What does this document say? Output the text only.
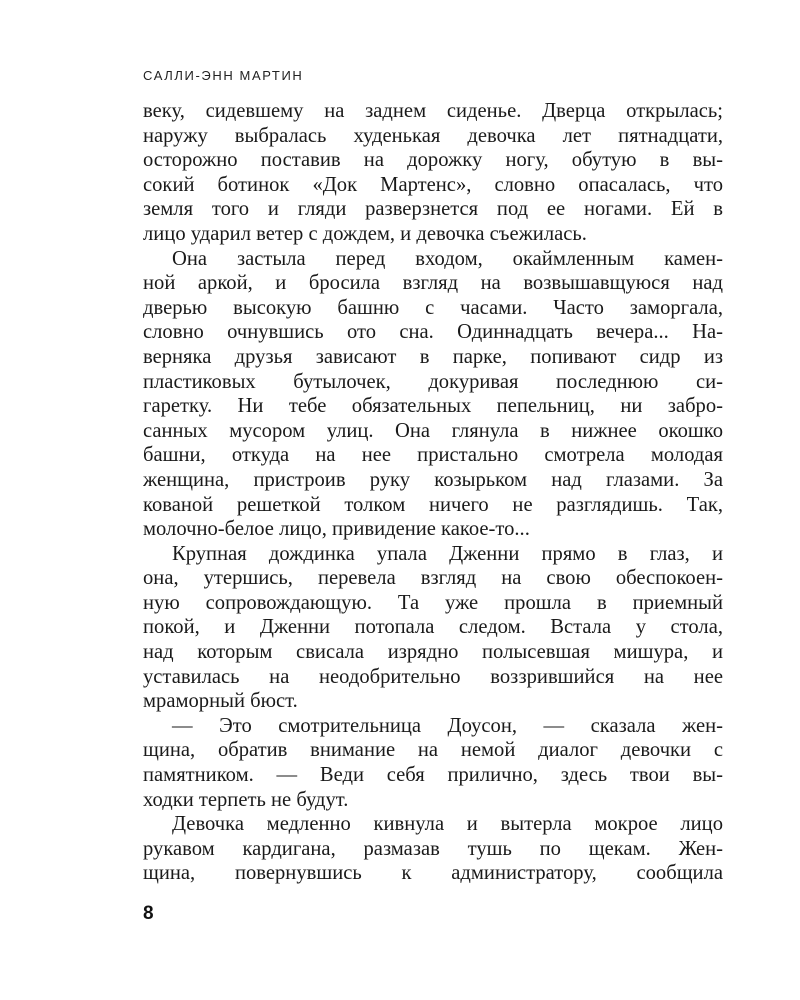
САЛЛИ-ЭНН МАРТИН

веку, сидевшему на заднем сиденье. Дверца открылась;

наружу выбралась худенькая девочка лет пятнадцати,

осторожно поставив на дорожку ногу, обутую в вы-

сокий ботинок «Док Мартенс», словно опасалась, что

земля того и гляди разверзнется под ее ногами. Ей в

лицо ударил ветер с дождем, и девочка съежилась.

Она застыла перед входом, окаймленным камен-

ной аркой, и бросила взгляд на возвышавщуюся над

дверью высокую башню с часами. Часто заморгала,

словно очнувшись ото сна. Одиннадцать вечера... На-

верняка друзья зависают в парке, попивают сидр из

пластиковых бутылочек, докуривая последнюю си-

гаретку. Ни тебе обязательных пепельниц, ни забро-

санных мусором улиц. Она глянула в нижнее окошко

башни, откуда на нее пристально смотрела молодая

женщина, пристроив руку козырьком над глазами. За

кованой решеткой толком ничего не разглядишь. Так,

молочно-белое лицо, привидение какое-то...

Крупная дождинка упала Дженни прямо в глаз, и

она, утершись, перевела взгляд на свою обеспокоен-

ную сопровождающую. Та уже прошла в приемный

покой, и Дженни потопала следом. Встала у стола,

над которым свисала изрядно полысевшая мишура, и

уставилась на неодобрительно воззрившийся на нее

мраморный бюст.

— Это смотрительница Доусон, — сказала жен-

щина, обратив внимание на немой диалог девочки с

памятником. — Веди себя прилично, здесь твои вы-

ходки терпеть не будут.

Девочка медленно кивнула и вытерла мокрое лицо

рукавом кардигана, размазав тушь по щекам. Жен-

щина, повернувшись к администратору, сообщила

8
